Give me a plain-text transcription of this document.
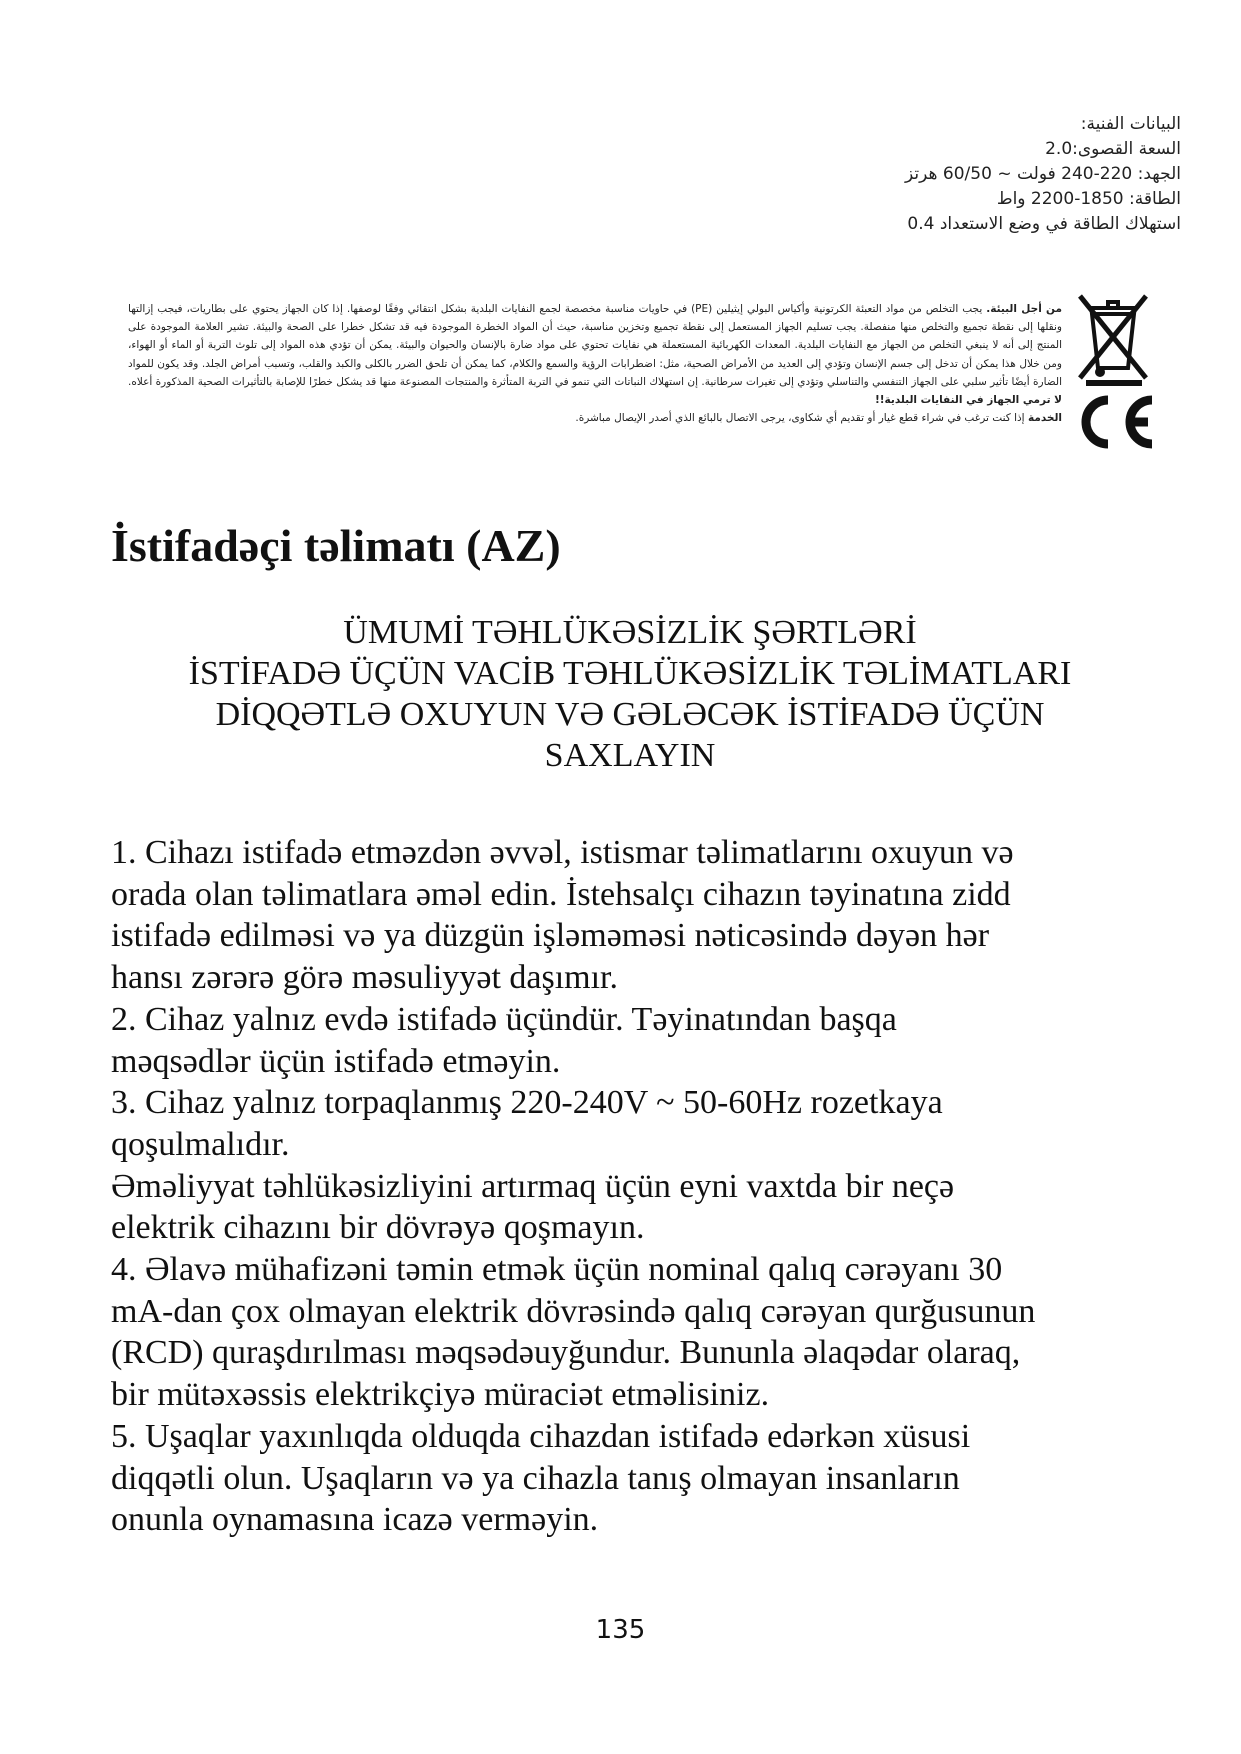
البيانات الفنية:
السعة القصوى:2.0
الجهد: 220-240 فولت ~ 60/50 هرتز
الطاقة: 1850-2200 واط
استهلاك الطاقة في وضع الاستعداد 0.4
من أجل البيئة. يجب التخلص من مواد التعبئة الكرتونية وأكياس البولي إيثيلين (PE) في حاويات مناسبة مخصصة لجمع النفايات البلدية بشكل انتقائي وفقًا لوصفها. إذا كان الجهاز يحتوي على بطاريات، فيجب إزالتها ونقلها إلى نقطة تجميع والتخلص منها منفصلة. يجب تسليم الجهاز المستعمل إلى نقطة تجميع وتخزين مناسبة، حيث أن المواد الخطرة الموجودة فيه قد تشكل خطرا على الصحة والبيئة. تشير العلامة الموجودة على المنتج إلى أنه لا ينبغي التخلص من الجهاز مع النفايات البلدية. المعدات الكهربائية المستعملة هي نفايات تحتوي على مواد ضارة بالإنسان والحيوان والبيئة. يمكن أن تؤدي هذه المواد إلى تلوث التربة أو الماء أو الهواء، ومن خلال هذا يمكن أن تدخل إلى جسم الإنسان وتؤدي إلى العديد من الأمراض الصحية، مثل: اضطرابات الرؤية والسمع والكلام، كما يمكن أن تلحق الضرر بالكلى والكبد والقلب، وتسبب أمراض الجلد. وقد يكون للمواد الضارة أيضًا تأثير سلبي على الجهاز التنفسي والتناسلي وتؤدي إلى تغيرات سرطانية. إن استهلاك النباتات التي تنمو في التربة المتأثرة والمنتجات المصنوعة منها قد يشكل خطرًا للإصابة بالتأثيرات الصحية المذكورة أعلاه. لا ترمي الجهاز في النفايات البلدية!!
الخدمة إذا كنت ترغب في شراء قطع غيار أو تقديم أي شكاوى، يرجى الاتصال بالبائع الذي أصدر الإيصال مباشرة.
İstifadəçi təlimatı (AZ)
ÜMUMİ TƏHLÜKƏSİZLİK ŞƏRTLƏRİ
İSTİFADƏ ÜÇÜN VACİB TƏHLÜKƏSİZLİK TƏLİMATLARI
DİQQƏTLƏ OXUYUN VƏ GƏLƏCƏK İSTİFADƏ ÜÇÜN
SAXLAYIN
1. Cihazı istifadə etməzdən əvvəl, istismar təlimatlarını oxuyun və
orada olan təlimatlara əməl edin. İstehsalçı cihazın təyinatına zidd
istifadə edilməsi və ya düzgün işləməməsi nəticəsində dəyən hər
hansı zərərə görə məsuliyyət daşımır.
2. Cihaz yalnız evdə istifadə üçündür. Təyinatından başqa
məqsədlər üçün istifadə etməyin.
3. Cihaz yalnız torpaqlanmış 220-240V ~ 50-60Hz rozetkaya
qoşulmalıdır.
Əməliyyat təhlükəsizliyini artırmaq üçün eyni vaxtda bir neçə
elektrik cihazını bir dövrəyə qoşmayın.
4. Əlavə mühafizəni təmin etmək üçün nominal qalıq cərəyanı 30
mA-dan çox olmayan elektrik dövrəsində qalıq cərəyan qurğusunun
(RCD) quraşdırılması məqsədəuyğundur. Bununla əlaqədar olaraq,
bir mütəxəssis elektrikçiyə müraciət etməlisiniz.
5. Uşaqlar yaxınlıqda olduqda cihazdan istifadə edərkən xüsusi
diqqətli olun. Uşaqların və ya cihazla tanış olmayan insanların
onunla oynamasına icazə verməyin.
135
